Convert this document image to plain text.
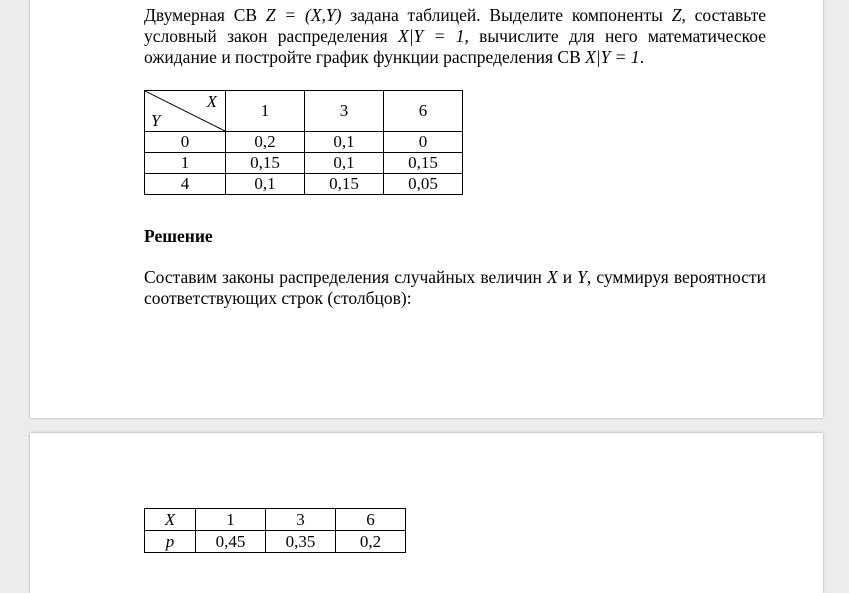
Двумерная СВ Z = (X,Y) задана таблицей. Выделите компоненты Z, составьте условный закон распределения X|Y = 1, вычислите для него математическое ожидание и постройте график функции распределения СВ X|Y = 1.
X
Y	1	3	6
0	0,2	0,1	0
1	0,15	0,1	0,15
4	0,1	0,15	0,05
Решение
Составим законы распределения случайных величин X и Y, суммируя вероятности соответствующих строк (столбцов):
X	1	3	6
p	0,45	0,35	0,2
